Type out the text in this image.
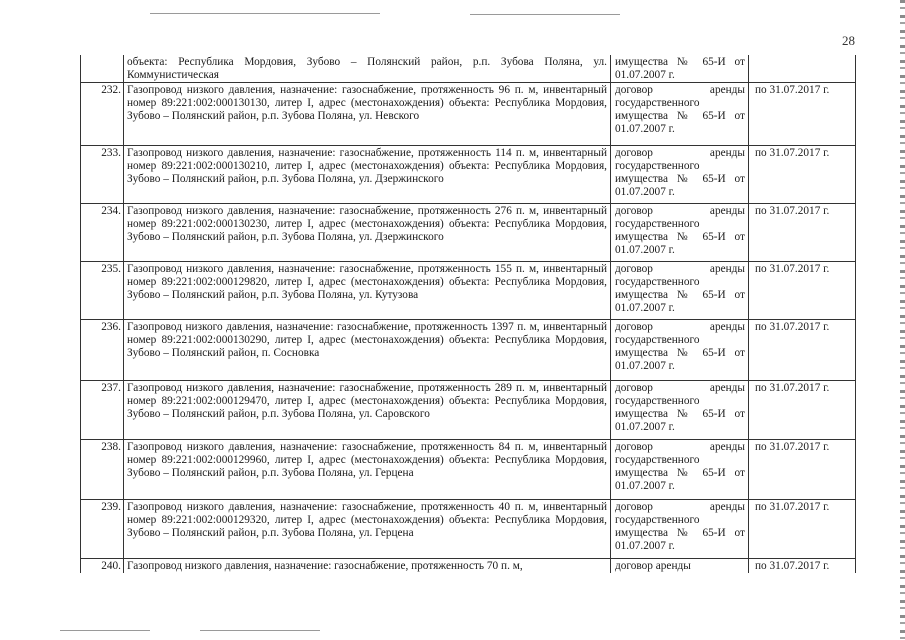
28
	объекта: Республика Мордовия, Зубово – Полянский район, р.п. Зубова Поляна, ул. Коммунистическая	имущества № 65-И от 01.07.2007 г.	
232.	Газопровод низкого давления, назначение: газоснабжение, протяженность 96 п. м, инвентарный номер 89:221:002:000130130, литер I, адрес (местонахождения) объекта: Республика Мордовия, Зубово – Полянский район, р.п. Зубова Поляна, ул. Невского	договор аренды государственного имущества № 65-И от 01.07.2007 г.	по 31.07.2017 г.
233.	Газопровод низкого давления, назначение: газоснабжение, протяженность 114 п. м, инвентарный номер 89:221:002:000130210, литер I, адрес (местонахождения) объекта: Республика Мордовия, Зубово – Полянский район, р.п. Зубова Поляна, ул. Дзержинского	договор аренды государственного имущества № 65-И от 01.07.2007 г.	по 31.07.2017 г.
234.	Газопровод низкого давления, назначение: газоснабжение, протяженность 276 п. м, инвентарный номер 89:221:002:000130230, литер I, адрес (местонахождения) объекта: Республика Мордовия, Зубово – Полянский район, р.п. Зубова Поляна, ул. Дзержинского	договор аренды государственного имущества № 65-И от 01.07.2007 г.	по 31.07.2017 г.
235.	Газопровод низкого давления, назначение: газоснабжение, протяженность 155 п. м, инвентарный номер 89:221:002:000129820, литер I, адрес (местонахождения) объекта: Республика Мордовия, Зубово – Полянский район, р.п. Зубова Поляна, ул. Кутузова	договор аренды государственного имущества № 65-И от 01.07.2007 г.	по 31.07.2017 г.
236.	Газопровод низкого давления, назначение: газоснабжение, протяженность 1397 п. м, инвентарный номер 89:221:002:000130290, литер I, адрес (местонахождения) объекта: Республика Мордовия, Зубово – Полянский район, п. Сосновка	договор аренды государственного имущества № 65-И от 01.07.2007 г.	по 31.07.2017 г.
237.	Газопровод низкого давления, назначение: газоснабжение, протяженность 289 п. м, инвентарный номер 89:221:002:000129470, литер I, адрес (местонахождения) объекта: Республика Мордовия, Зубово – Полянский район, р.п. Зубова Поляна, ул. Саровского	договор аренды государственного имущества № 65-И от 01.07.2007 г.	по 31.07.2017 г.
238.	Газопровод низкого давления, назначение: газоснабжение, протяженность 84 п. м, инвентарный номер 89:221:002:000129960, литер I, адрес (местонахождения) объекта: Республика Мордовия, Зубово – Полянский район, р.п. Зубова Поляна, ул. Герцена	договор аренды государственного имущества № 65-И от 01.07.2007 г.	по 31.07.2017 г.
239.	Газопровод низкого давления, назначение: газоснабжение, протяженность 40 п. м, инвентарный номер 89:221:002:000129320, литер I, адрес (местонахождения) объекта: Республика Мордовия, Зубово – Полянский район, р.п. Зубова Поляна, ул. Герцена	договор аренды государственного имущества № 65-И от 01.07.2007 г.	по 31.07.2017 г.
240.	Газопровод низкого давления, назначение: газоснабжение, протяженность 70 п. м,	договор аренды	по 31.07.2017 г.
